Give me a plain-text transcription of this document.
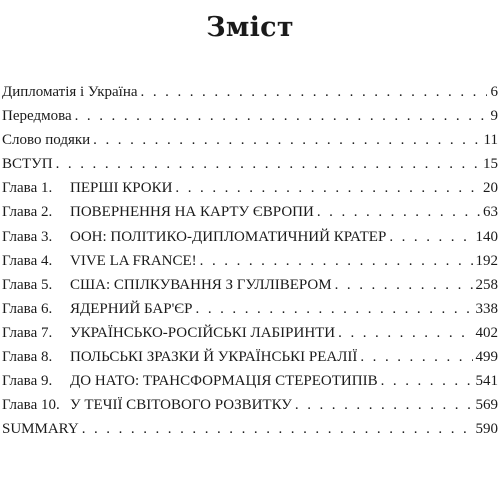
Зміст
Дипломатія і Україна . . .	6
Передмова . . .	9
Слово подяки . . .	11
ВСТУП . . .	15
Глава 1.	ПЕРШІ КРОКИ . . .	20
Глава 2.	ПОВЕРНЕННЯ НА КАРТУ ЄВРОПИ . . .	63
Глава 3.	ООН: ПОЛІТИКО-ДИПЛОМАТИЧНИЙ КРАТЕР . . .	140
Глава 4.	VIVE LA FRANCE! . . .	192
Глава 5.	США: СПІЛКУВАННЯ З ГУЛЛІВЕРОМ . . .	258
Глава 6.	ЯДЕРНИЙ БАР'ЄР . . .	338
Глава 7.	УКРАЇНСЬКО-РОСІЙСЬКІ ЛАБІРИНТИ . . .	402
Глава 8.	ПОЛЬСЬКІ ЗРАЗКИ Й УКРАЇНСЬКІ РЕАЛІЇ . . .	499
Глава 9.	ДО НАТО: ТРАНСФОРМАЦІЯ СТЕРЕОТИПІВ . . .	541
Глава 10. У ТЕЧІЇ СВІТОВОГО РОЗВИТКУ . . .	569
SUMMARY . . .	590
